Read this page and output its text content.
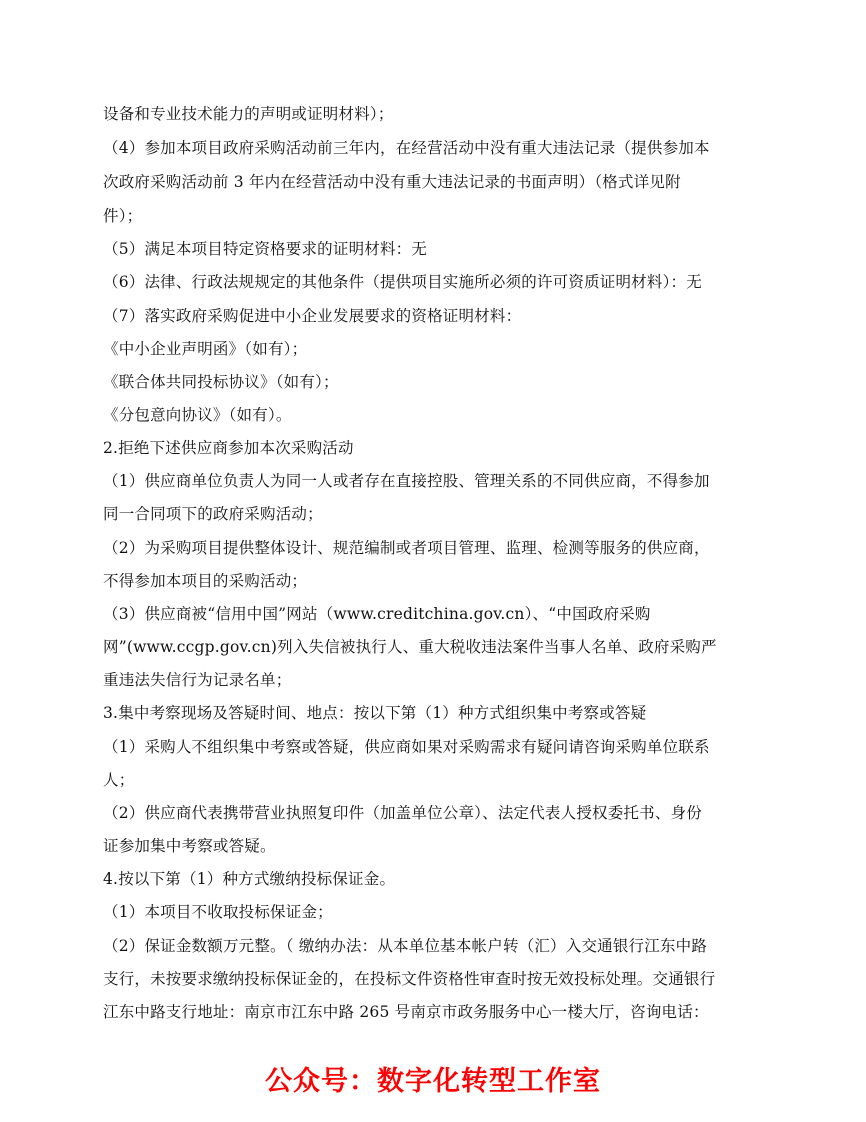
设备和专业技术能力的声明或证明材料）；
（4）参加本项目政府采购活动前三年内，在经营活动中没有重大违法记录（提供参加本
次政府采购活动前 3 年内在经营活动中没有重大违法记录的书面声明）（格式详见附
件）；
（5）满足本项目特定资格要求的证明材料：无
（6）法律、行政法规规定的其他条件（提供项目实施所必须的许可资质证明材料）：无
（7）落实政府采购促进中小企业发展要求的资格证明材料：
《中小企业声明函》（如有）；
《联合体共同投标协议》（如有）；
《分包意向协议》（如有）。
2.拒绝下述供应商参加本次采购活动
（1）供应商单位负责人为同一人或者存在直接控股、管理关系的不同供应商，不得参加
同一合同项下的政府采购活动；
（2）为采购项目提供整体设计、规范编制或者项目管理、监理、检测等服务的供应商，
不得参加本项目的采购活动；
（3）供应商被“信用中国”网站（www.creditchina.gov.cn）、“中国政府采购
网”(www.ccgp.gov.cn)列入失信被执行人、重大税收违法案件当事人名单、政府采购严
重违法失信行为记录名单；
3.集中考察现场及答疑时间、地点：按以下第（1）种方式组织集中考察或答疑
（1）采购人不组织集中考察或答疑，供应商如果对采购需求有疑问请咨询采购单位联系
人；
（2）供应商代表携带营业执照复印件（加盖单位公章）、法定代表人授权委托书、身份
证参加集中考察或答疑。
4.按以下第（1）种方式缴纳投标保证金。
（1）本项目不收取投标保证金；
（2）保证金数额万元整。（ 缴纳办法：从本单位基本帐户转（汇）入交通银行江东中路
支行，未按要求缴纳投标保证金的，在投标文件资格性审查时按无效投标处理。交通银行
江东中路支行地址：南京市江东中路 265 号南京市政务服务中心一楼大厅，咨询电话：
公众号：数字化转型工作室
